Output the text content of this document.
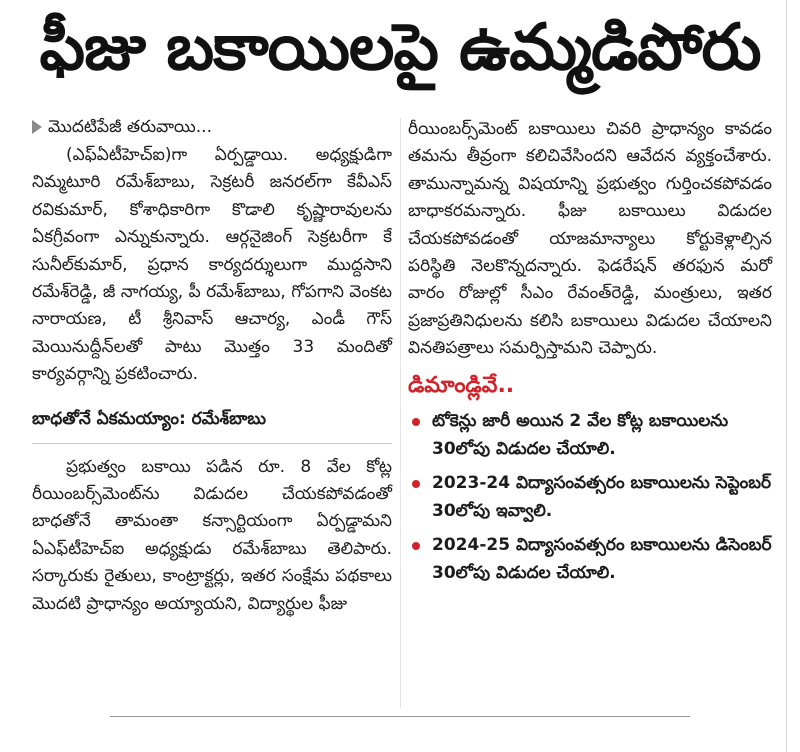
ఫీజు బకాయిలపై ఉమ్మడిపోరు
మొదటిపేజీ తరువాయి...

(ఎఫ్‌ఏటీహెచ్‌ఐ)గా ఏర్పడ్డాయి. అధ్యక్షుడిగా నిమ్మటూరి రమేశ్‌బాబు, సెక్రటరీ జనరల్‌గా కేవీఎస్ రవికుమార్, కోశాధికారిగా కొడాలి కృష్ణారావులను ఏకగ్రీవంగా ఎన్నుకున్నారు. ఆర్గనైజింగ్ సెక్రటరీగా కే సునీల్‌కుమార్, ప్రధాన కార్యదర్శులుగా ముద్దసాని రమేశ్‌రెడ్డి, జీ నాగయ్య, పీ రమేశ్‌బాబు, గోపగాని వెంకట నారాయణ, టీ శ్రీనివాస్ ఆచార్య, ఎండీ గౌస్ మెయినుద్దీన్‌లతో పాటు మొత్తం 33 మందితో కార్యవర్గాన్ని ప్రకటించారు.

బాధతోనే ఏకమయ్యాం: రమేశ్‌బాబు

ప్రభుత్వం బకాయి పడిన రూ. 8 వేల కోట్ల రీయింబర్స్‌మెంట్‌ను విడుదల చేయకపోవడంతో బాధతోనే తామంతా కన్సార్టియంగా ఏర్పడ్డామని ఏఎఫ్‌టీహెచ్‌ఐ అధ్యక్షుడు రమేశ్‌బాబు తెలిపారు. సర్కారుకు రైతులు, కాంట్రాక్టర్లు, ఇతర సంక్షేమ పథకాలు మొదటి ప్రాధాన్యం అయ్యాయని, విద్యార్థుల ఫీజు

రీయింబర్స్‌మెంట్ బకాయిలు చివరి ప్రాధాన్యం కావడం తమను తీవ్రంగా కలిచివేసిందని ఆవేదన వ్యక్తంచేశారు. తామున్నామన్న విషయాన్ని ప్రభుత్వం గుర్తించకపోవడం బాధాకరమన్నారు. ఫీజు బకాయిలు విడుదల చేయకపోవడంతో యాజమాన్యాలు కోర్టుకెళ్లాల్సిన పరిస్థితి నెలకొన్నదన్నారు. ఫెడరేషన్ తరఫున మరో వారం రోజుల్లో సీఎం రేవంత్‌రెడ్డి, మంత్రులు, ఇతర ప్రజాప్రతినిధులను కలిసి బకాయిలు విడుదల చేయాలని వినతిపత్రాలు సమర్పిస్తామని చెప్పారు.

డిమాండ్లివే..
టోకెన్లు జారీ అయిన 2 వేల కోట్ల బకాయిలను 30లోపు విడుదల చేయాలి.
2023-24 విద్యాసంవత్సరం బకాయిలను సెప్టెంబర్ 30లోపు ఇవ్వాలి.
2024-25 విద్యాసంవత్సరం బకాయిలను డిసెంబర్ 30లోపు విడుదల చేయాలి.
